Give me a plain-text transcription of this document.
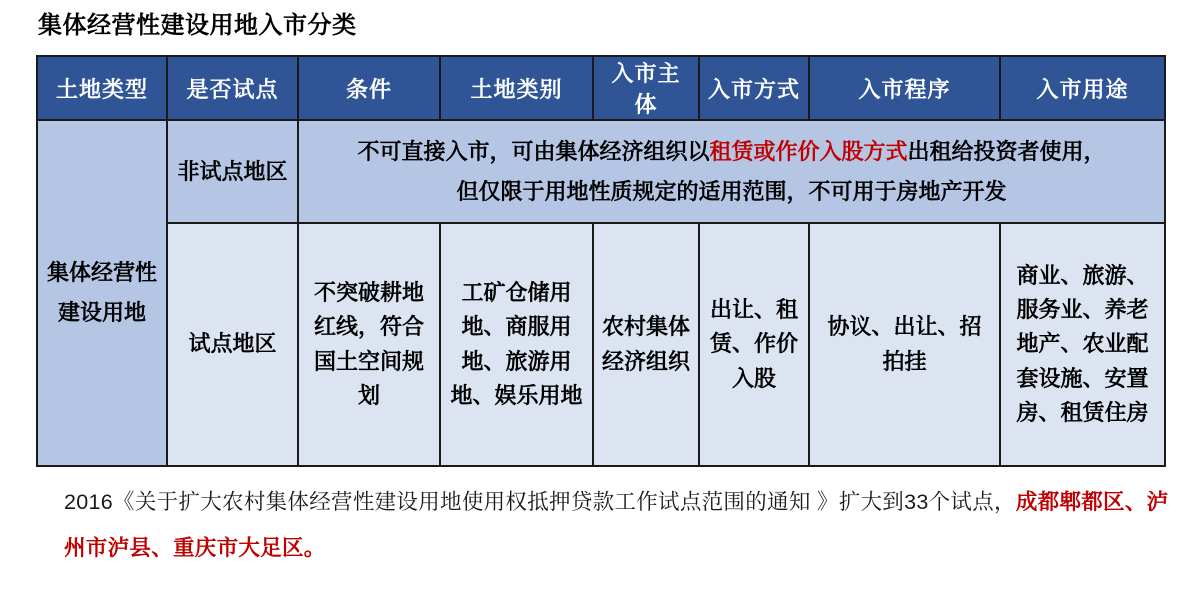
集体经营性建设用地入市分类
土地类型	是否试点	条件	土地类别	入市主体	入市方式	入市程序	入市用途
集体经营性建设用地	非试点地区	不可直接入市，可由集体经济组织以租赁或作价入股方式出租给投资者使用，
但仅限于用地性质规定的适用范围，不可用于房地产开发					
	试点地区	不突破耕地红线，符合国土空间规划	工矿仓储用地、商服用地、旅游用地、娱乐用地	农村集体经济组织	出让、租赁、作价入股	协议、出让、招拍挂	商业、旅游、服务业、养老地产、农业配套设施、安置房、租赁住房
2016《关于扩大农村集体经营性建设用地使用权抵押贷款工作试点范围的通知 》扩大到33个试点，成都郫都区、泸州市泸县、重庆市大足区。
